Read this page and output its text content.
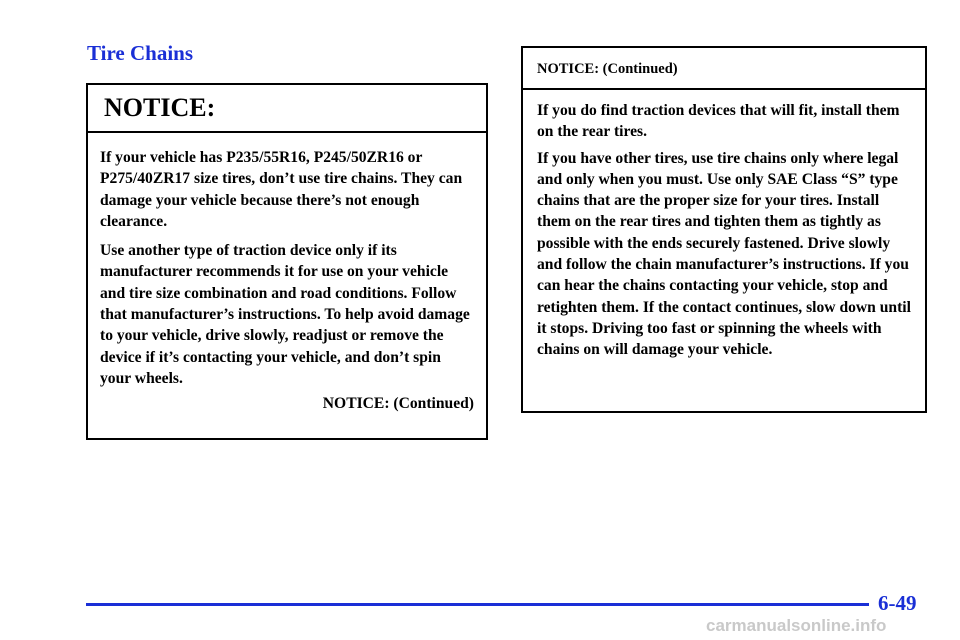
Tire Chains
NOTICE:

If your vehicle has P235/55R16, P245/50ZR16 or P275/40ZR17 size tires, don’t use tire chains. They can damage your vehicle because there’s not enough clearance.

Use another type of traction device only if its manufacturer recommends it for use on your vehicle and tire size combination and road conditions. Follow that manufacturer’s instructions. To help avoid damage to your vehicle, drive slowly, readjust or remove the device if it’s contacting your vehicle, and don’t spin your wheels.

NOTICE: (Continued)
NOTICE: (Continued)

If you do find traction devices that will fit, install them on the rear tires.

If you have other tires, use tire chains only where legal and only when you must. Use only SAE Class “S” type chains that are the proper size for your tires. Install them on the rear tires and tighten them as tightly as possible with the ends securely fastened. Drive slowly and follow the chain manufacturer’s instructions. If you can hear the chains contacting your vehicle, stop and retighten them. If the contact continues, slow down until it stops. Driving too fast or spinning the wheels with chains on will damage your vehicle.

6-49
carmanualsonline.info
